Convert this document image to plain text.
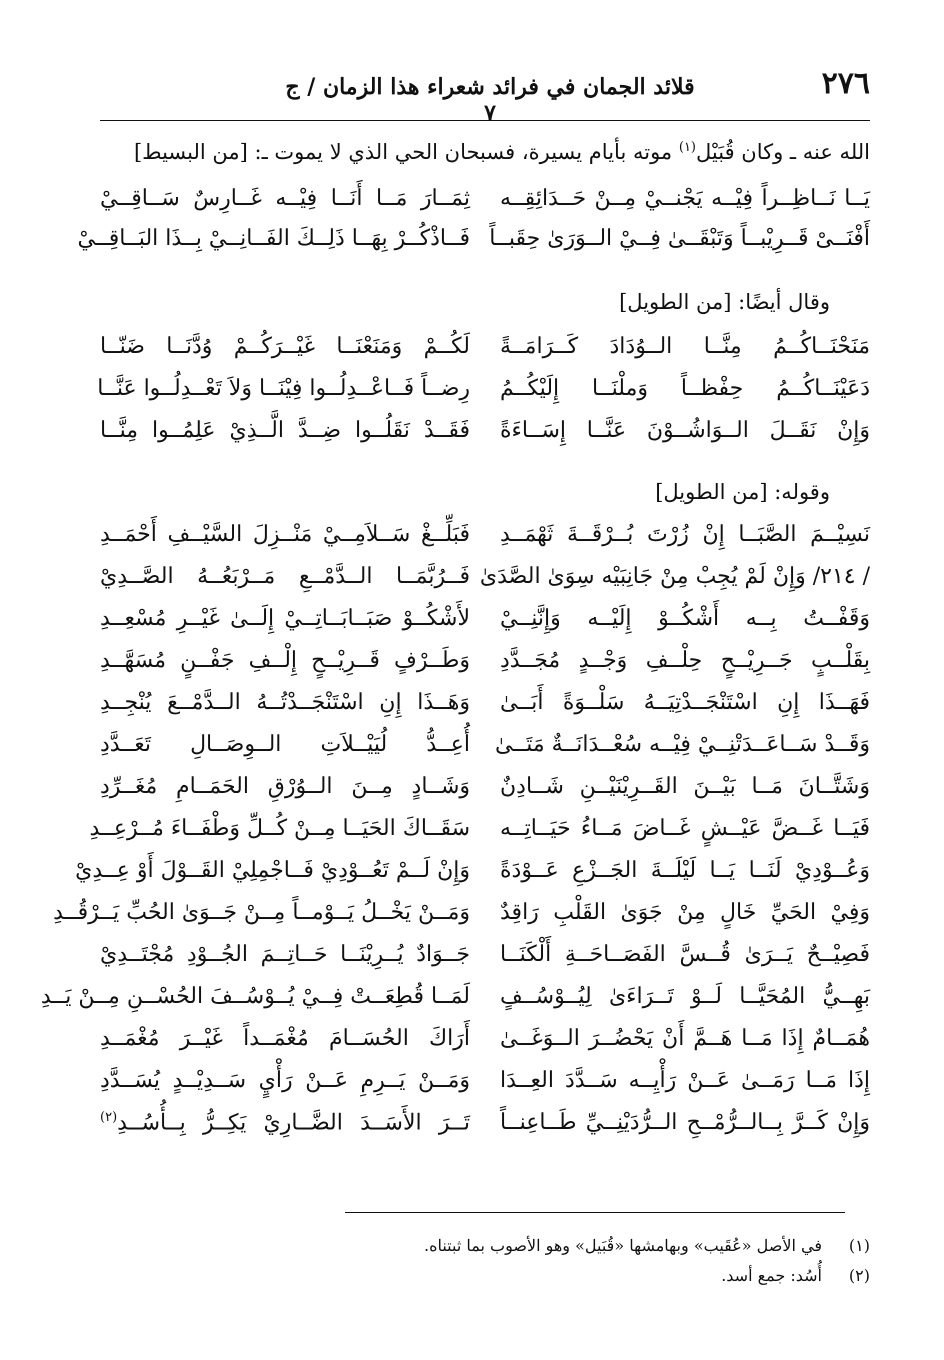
٢٧٦
قلائد الجمان في فرائد شعراء هذا الزمان / ج ٧
الله عنه ـ وكان قُبَيْل$^{(١)}$ موته بأيام يسيرة، فسبحان الحي الذي لا يموت ـ: [من البسيط]
يَــا نَــاظِــراً فِيْــه يَجْنــيْ مِــنْ حَــدَائِقِــه
ثِمَــارَ مَــا أَنَــا فِيْــه غَــارِسٌ سَــاقِــيْ
أَفْنَــىْ قَــرِيْبــاً وَتَبْقَــىٰ فِــيْ الــوَرَىٰ حِقَبــاً
فَــاذْكُــرْ بِهَــا ذَلِــكَ الفَــانِــيْ بِــذَا البَــاقِــيْ
وقال أيضًا: [من الطويل]
مَنَحْنَــاكُــمُ مِنَّــا الــوُدَادَ كَــرَامَــةً
لَكُــمْ وَمَنَعْنَــا غَيْــرَكُــمْ وُدَّنَــا ضَنّــا
دَعَيْنَــاكُــمُ حِفْظــاً وَملْنَــا إِلَيْكُــمُ
رِضــاً فَــاعْــدِلُــوا فِيْنَــا وَلاَ تَعْــدِلُــوا عَنَّــا
وَإِنْ نَقَــلَ الــوَاشُــوْنَ عَنَّــا إِسَــاءَةً
فَقَــدْ نَقَلُــوا ضِــدَّ الَّــذِيْ عَلِمُــوا مِنَّــا
وقوله: [من الطويل]
نَسِيْــمَ الصَّبَــا إِنْ زُرْتَ بُــرْقَــةَ ثَهْمَــدِ
فَبَلِّــغْ سَــلاَمِــيْ مَنْــزِلَ السَّيْــفِ أَحْمَــدِ
/ ٢١٤/ وَإِنْ لَمْ يُجِبْ مِنْ جَانِبَيْه سِوَىٰ الصَّدَىٰ
فَــرُبَّمَــا الــدَّمْــعِ مَــرْبَعُــهُ الصَّــدِيْ
وَقَفْــتُ بِــه أَشْكُــوْ إِلَيْــه وَإِنَّنِــيْ
لأَشْكُــوْ صَبَــابَــاتِــيْ إِلَــىٰ غَيْــرِ مُسْعِــدِ
بِقَلْــبٍ جَــرِيْــحٍ حِلْــفِ وَجْــدٍ مُجَــدَّدِ
وَطَــرْفٍ قَــرِيْــحٍ إِلْــفِ جَفْــنٍ مُسَهَّــدِ
فَهَــذَا إِنِ اسْتَنْجَــدْتِيَــهُ سَلْــوَةً أَبَــىٰ
وَهَــذَا إِنِ اسْتَنْجَــدْتُــهُ الــدَّمْــعَ يُنْجِــدِ
وَقَــدْ سَــاعَــدَتْنِــيْ فِيْــه سُعْــدَانَــةٌ مَتَــىٰ
أُعِــدُّ لُيَيْــلاَتِ الــوِصَــالِ تَعَــدَّدِ
وَشَتَّــانَ مَــا بَيْــنَ القَــرِيْنَيْــنِ شَــادِنٌ
وَشَــادٍ مِــنَ الــوُرْقِ الحَمَــامِ مُغَــرِّدِ
فَيَــا غَــضَّ عَيْــشٍ غَــاضَ مَــاءُ حَيَــاتِــه
سَقَــاكَ الحَيَــا مِــنْ كُــلِّ وَطْفَــاءَ مُــرْعِــدِ
وَعُــوْدِيْ لَنَــا يَــا لَيْلَــةَ الجَــزْعِ عَــوْدَةً
وَإِنْ لَــمْ تَعُــوْدِيْ فَــاجْمِلِيْ القَــوْلَ أَوْ عِــدِيْ
وَفِيْ الحَيِّ خَالٍ مِنْ جَوَىٰ القَلْبِ رَاقِدٌ
وَمَــنْ يَخْــلُ يَــوْمــاً مِــنْ جَــوَىٰ الحُبِّ يَــرْقُــدِ
فَصِيْــحٌ يَــرَىٰ قُــسَّ الفَصَــاحَــةِ أَلْكَنَــا
جَــوَادٌ يُــرِيْنَــا حَــاتِــمَ الجُــوْدِ مُجْتَــدِيْ
بَهِــيُّ المُحَيَّــا لَــوْ تَــرَاءَىٰ لِيُــوْسُــفٍ
لَمَــا قُطِعَــتْ فِــيْ يُــوْسُــفَ الحُسْــنِ مِــنْ يَــدِ
هُمَــامٌ إِذَا مَــا هَــمَّ أَنْ يَحْضُــرَ الــوَغَــىٰ
أَرَاكَ الحُسَــامَ مُغْمَــداً غَيْــرَ مُغْمَــدِ
إِذَا مَــا رَمَــىٰ عَــنْ رَأْيِــه سَــدَّدَ العِــدَا
وَمَــنْ يَــرِمِ عَــنْ رَأْيٍ سَــدِيْــدٍ يُسَــدَّدِ
وَإِنْ كَــرَّ بِــالــرُّمْــحِ الــرُّدَيْنِــيِّ طَــاعِنــاً
تَــرَ الأَسَــدَ الضَّــارِيْ يَكِــرُّ بِــأُسُــدِ$^{(٢)}$
(١)في الأصل «عُقَيب» وبهامشها «قُبَيل» وهو الأصوب بما ثبتناه.
(٢)أُسُد: جمع أسد.
